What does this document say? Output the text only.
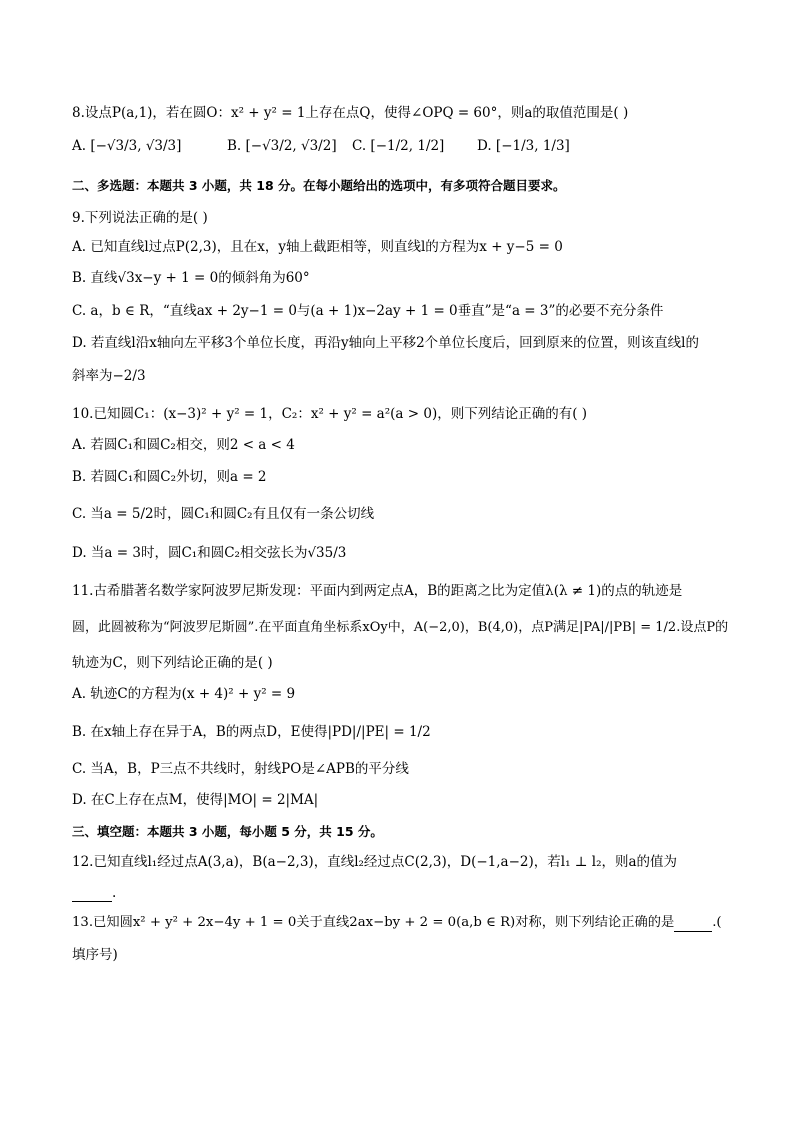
8.设点P(a,1)，若在圆O：x² + y² = 1上存在点Q，使得∠OPQ = 60°，则a的取值范围是( )
A. [−√3/3, √3/3]	B. [−√3/2, √3/2] C. [−1/2, 1/2] D. [−1/3, 1/3]
二、多选题：本题共 3 小题，共 18 分。在每小题给出的选项中，有多项符合题目要求。
9.下列说法正确的是( )
A. 已知直线l过点P(2,3)，且在x，y轴上截距相等，则直线l的方程为x + y−5 = 0
B. 直线√3x−y + 1 = 0的倾斜角为60°
C. a，b ∈ R，“直线ax + 2y−1 = 0与(a + 1)x−2ay + 1 = 0垂直”是“a = 3”的必要不充分条件
D. 若直线l沿x轴向左平移3个单位长度，再沿y轴向上平移2个单位长度后，回到原来的位置，则该直线l的
斜率为−2/3
10.已知圆C₁：(x−3)² + y² = 1，C₂：x² + y² = a²(a > 0)，则下列结论正确的有( )
A. 若圆C₁和圆C₂相交，则2 < a < 4
B. 若圆C₁和圆C₂外切，则a = 2
C. 当a = 5/2时，圆C₁和圆C₂有且仅有一条公切线
D. 当a = 3时，圆C₁和圆C₂相交弦长为√35/3
11.古希腊著名数学家阿波罗尼斯发现：平面内到两定点A，B的距离之比为定值λ(λ ≠ 1)的点的轨迹是
圆，此圆被称为“阿波罗尼斯圆”.在平面直角坐标系xOy中，A(−2,0)，B(4,0)，点P满足|PA|/|PB| = 1/2.设点P的
轨迹为C，则下列结论正确的是( )
A. 轨迹C的方程为(x + 4)² + y² = 9
B. 在x轴上存在异于A，B的两点D，E使得|PD|/|PE| = 1/2
C. 当A，B，P三点不共线时，射线PO是∠APB的平分线
D. 在C上存在点M，使得|MO| = 2|MA|
三、填空题：本题共 3 小题，每小题 5 分，共 15 分。
12.已知直线l₁经过点A(3,a)，B(a−2,3)，直线l₂经过点C(2,3)，D(−1,a−2)，若l₁ ⊥ l₂，则a的值为
.
13.已知圆x² + y² + 2x−4y + 1 = 0关于直线2ax−by + 2 = 0(a,b ∈ R)对称，则下列结论正确的是	.(
填序号)
